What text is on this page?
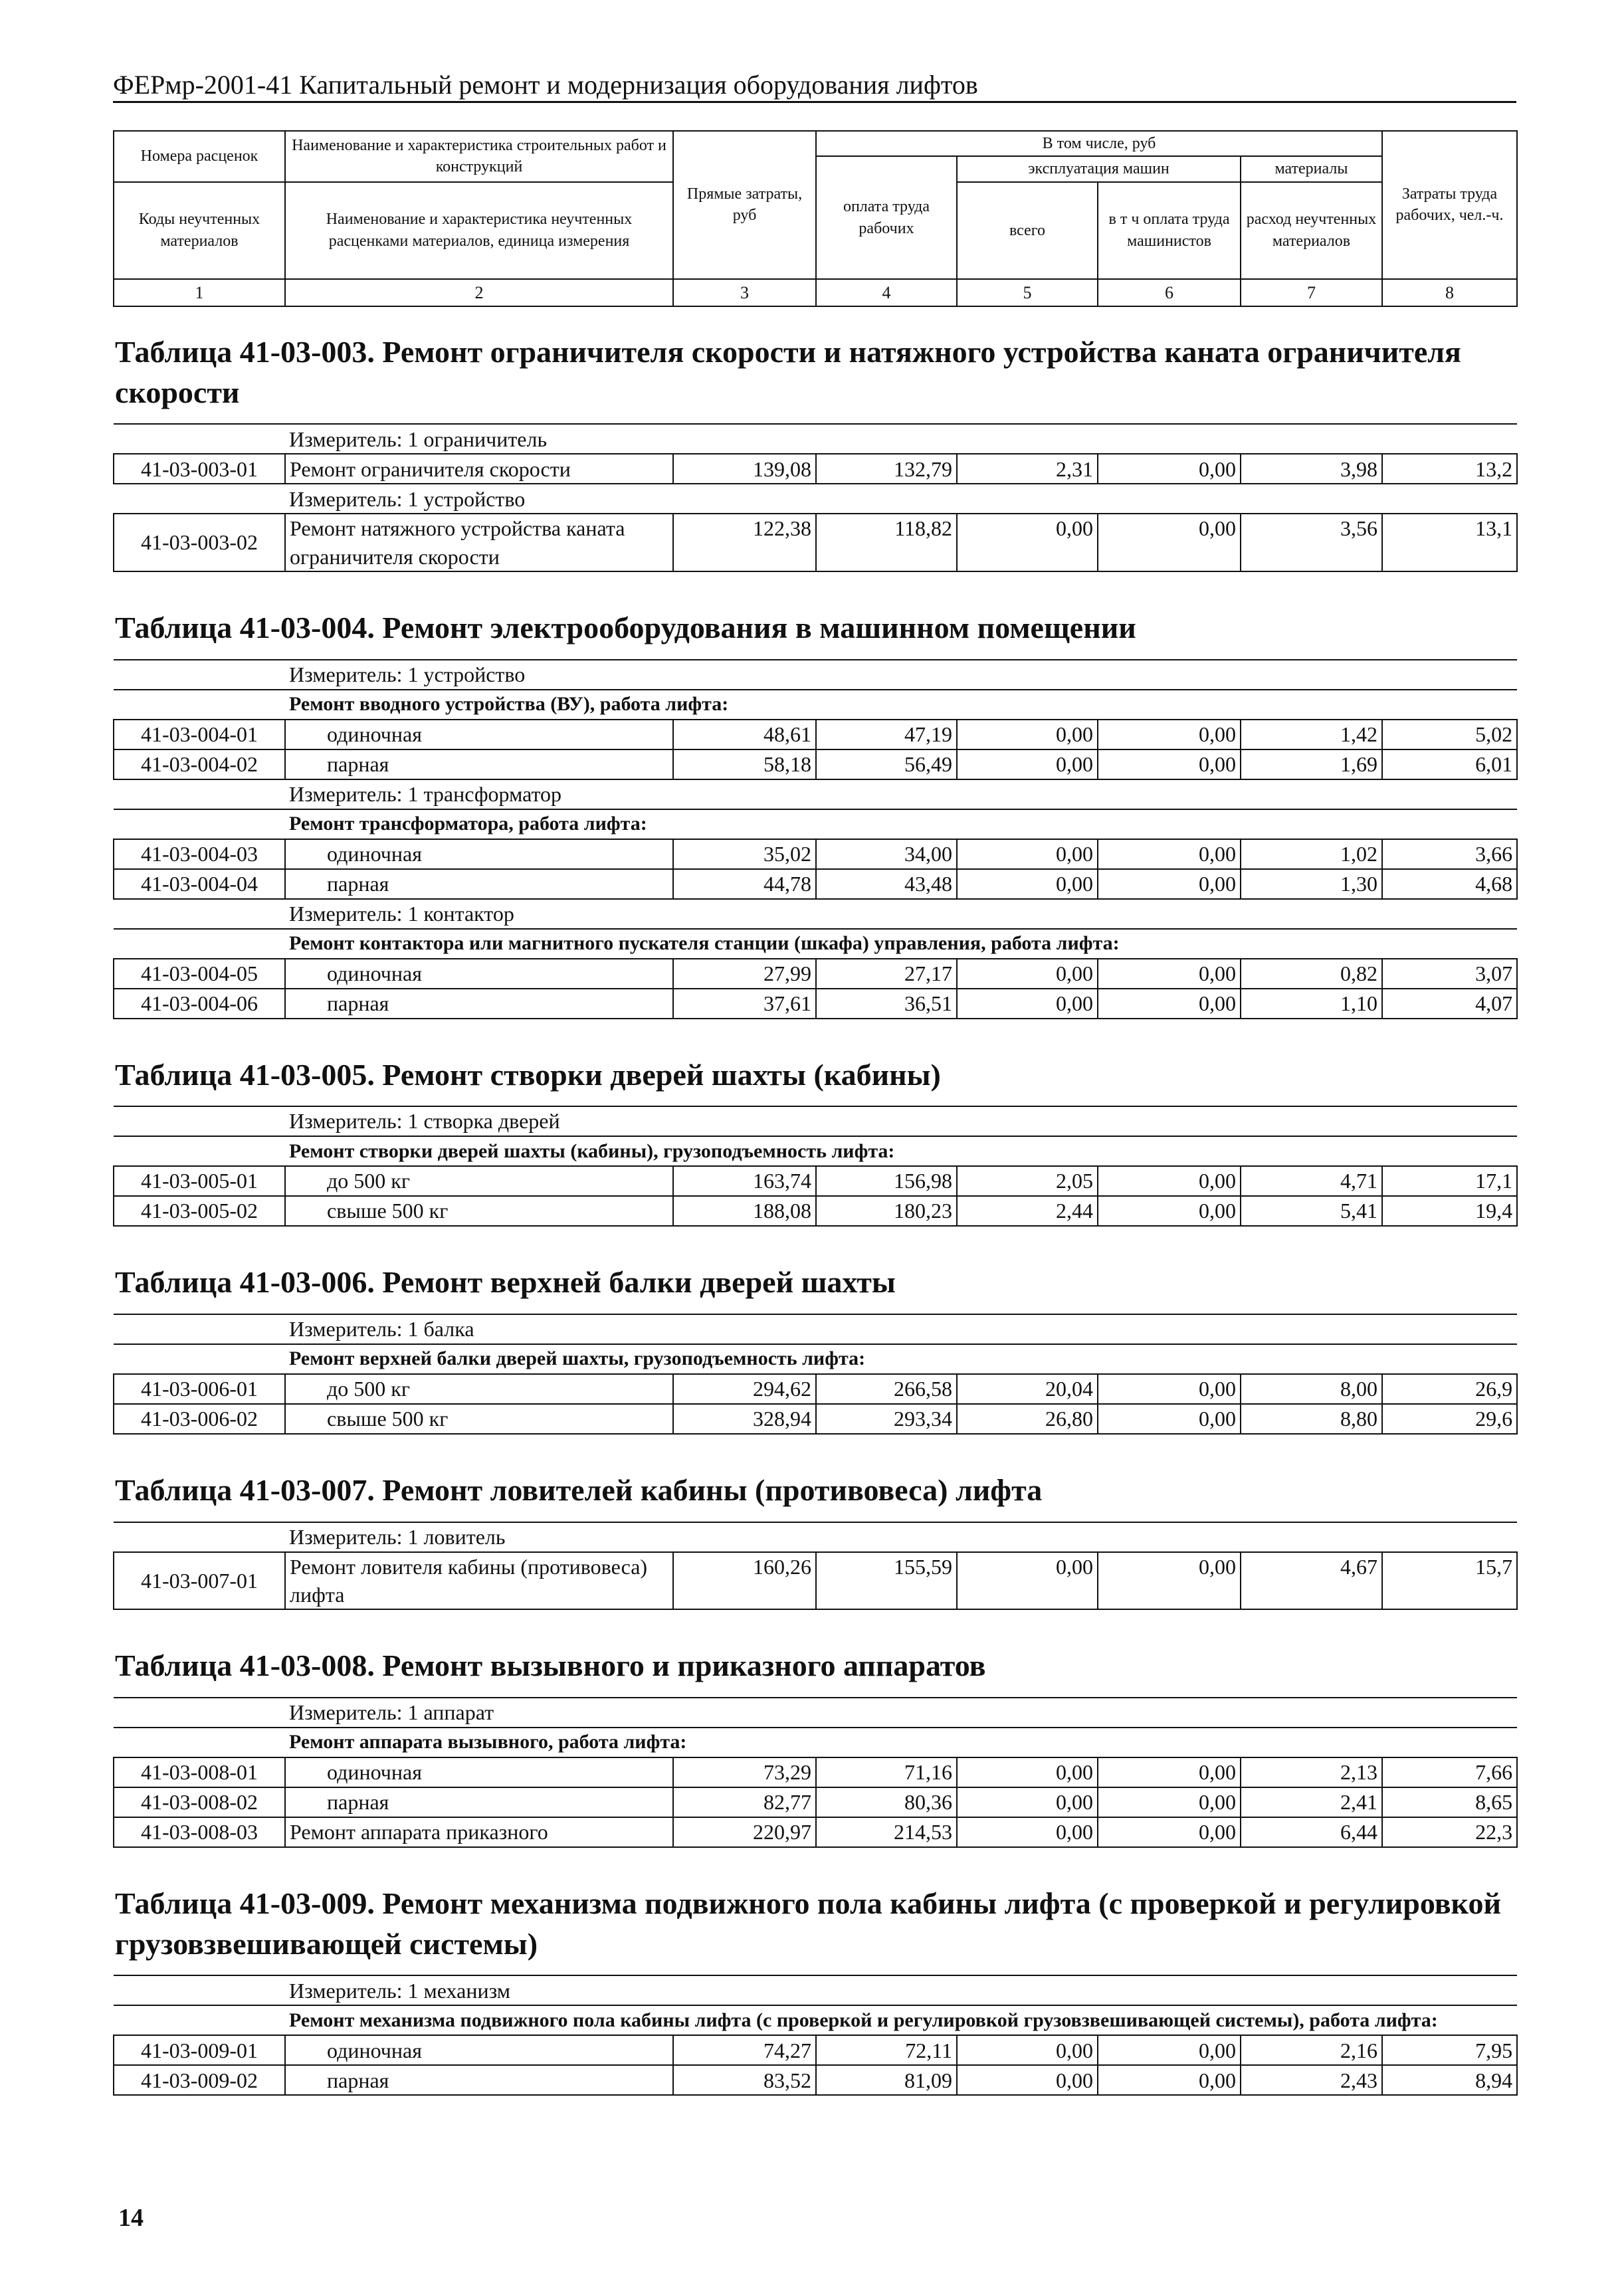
ФЕРмр-2001-41 Капитальный ремонт и модернизация оборудования лифтов
Номера расценок	Наименование и характеристика строительных работ и конструкций	Прямые затраты, руб	В том числе, руб				Затраты труда рабочих, чел.-ч.
			оплата труда рабочих	эксплуатация машин		материалы	
Коды неучтенных материалов	Наименование и характеристика неучтенных расценками материалов, единица измерения			всего	в т ч оплата труда машинистов	расход неучтенных материалов	

1	2	3	4	5	6	7	8
Таблица 41-03-003. Ремонт ограничителя скорости и натяжного устройства каната ограничителя скорости							
	Измеритель: 1 ограничитель						
41-03-003-01	Ремонт ограничителя скорости	139,08	132,79	2,31	0,00	3,98	13,2
	Измеритель: 1 устройство						
41-03-003-02	Ремонт натяжного устройства каната ограничителя скорости	122,38	118,82	0,00	0,00	3,56	13,1

Таблица 41-03-004. Ремонт электрооборудования в машинном помещении							
	Измеритель: 1 устройство						
	Ремонт вводного устройства (ВУ), работа лифта:						
41-03-004-01	одиночная	48,61	47,19	0,00	0,00	1,42	5,02
41-03-004-02	парная	58,18	56,49	0,00	0,00	1,69	6,01
	Измеритель: 1 трансформатор						
	Ремонт трансформатора, работа лифта:						
41-03-004-03	одиночная	35,02	34,00	0,00	0,00	1,02	3,66
41-03-004-04	парная	44,78	43,48	0,00	0,00	1,30	4,68
	Измеритель: 1 контактор						
	Ремонт контактора или магнитного пускателя станции (шкафа) управления, работа лифта:						
41-03-004-05	одиночная	27,99	27,17	0,00	0,00	0,82	3,07
41-03-004-06	парная	37,61	36,51	0,00	0,00	1,10	4,07

Таблица 41-03-005. Ремонт створки дверей шахты (кабины)							
	Измеритель: 1 створка дверей						
	Ремонт створки дверей шахты (кабины), грузоподъемность лифта:						
41-03-005-01	до 500 кг	163,74	156,98	2,05	0,00	4,71	17,1
41-03-005-02	свыше 500 кг	188,08	180,23	2,44	0,00	5,41	19,4

Таблица 41-03-006. Ремонт верхней балки дверей шахты							
	Измеритель: 1 балка						
	Ремонт верхней балки дверей шахты, грузоподъемность лифта:						
41-03-006-01	до 500 кг	294,62	266,58	20,04	0,00	8,00	26,9
41-03-006-02	свыше 500 кг	328,94	293,34	26,80	0,00	8,80	29,6

Таблица 41-03-007. Ремонт ловителей кабины (противовеса) лифта							
	Измеритель: 1 ловитель						
41-03-007-01	Ремонт ловителя кабины (противовеса) лифта	160,26	155,59	0,00	0,00	4,67	15,7

Таблица 41-03-008. Ремонт вызывного и приказного аппаратов							
	Измеритель: 1 аппарат						
	Ремонт аппарата вызывного, работа лифта:						
41-03-008-01	одиночная	73,29	71,16	0,00	0,00	2,13	7,66
41-03-008-02	парная	82,77	80,36	0,00	0,00	2,41	8,65
41-03-008-03	Ремонт аппарата приказного	220,97	214,53	0,00	0,00	6,44	22,3

Таблица 41-03-009. Ремонт механизма подвижного пола кабины лифта (с проверкой и регулировкой грузовзвешивающей системы)							
	Измеритель: 1 механизм						
	Ремонт механизма подвижного пола кабины лифта (с проверкой и регулировкой грузовзвешивающей системы), работа лифта:						
41-03-009-01	одиночная	74,27	72,11	0,00	0,00	2,16	7,95
41-03-009-02	парная	83,52	81,09	0,00	0,00	2,43	8,94
14
